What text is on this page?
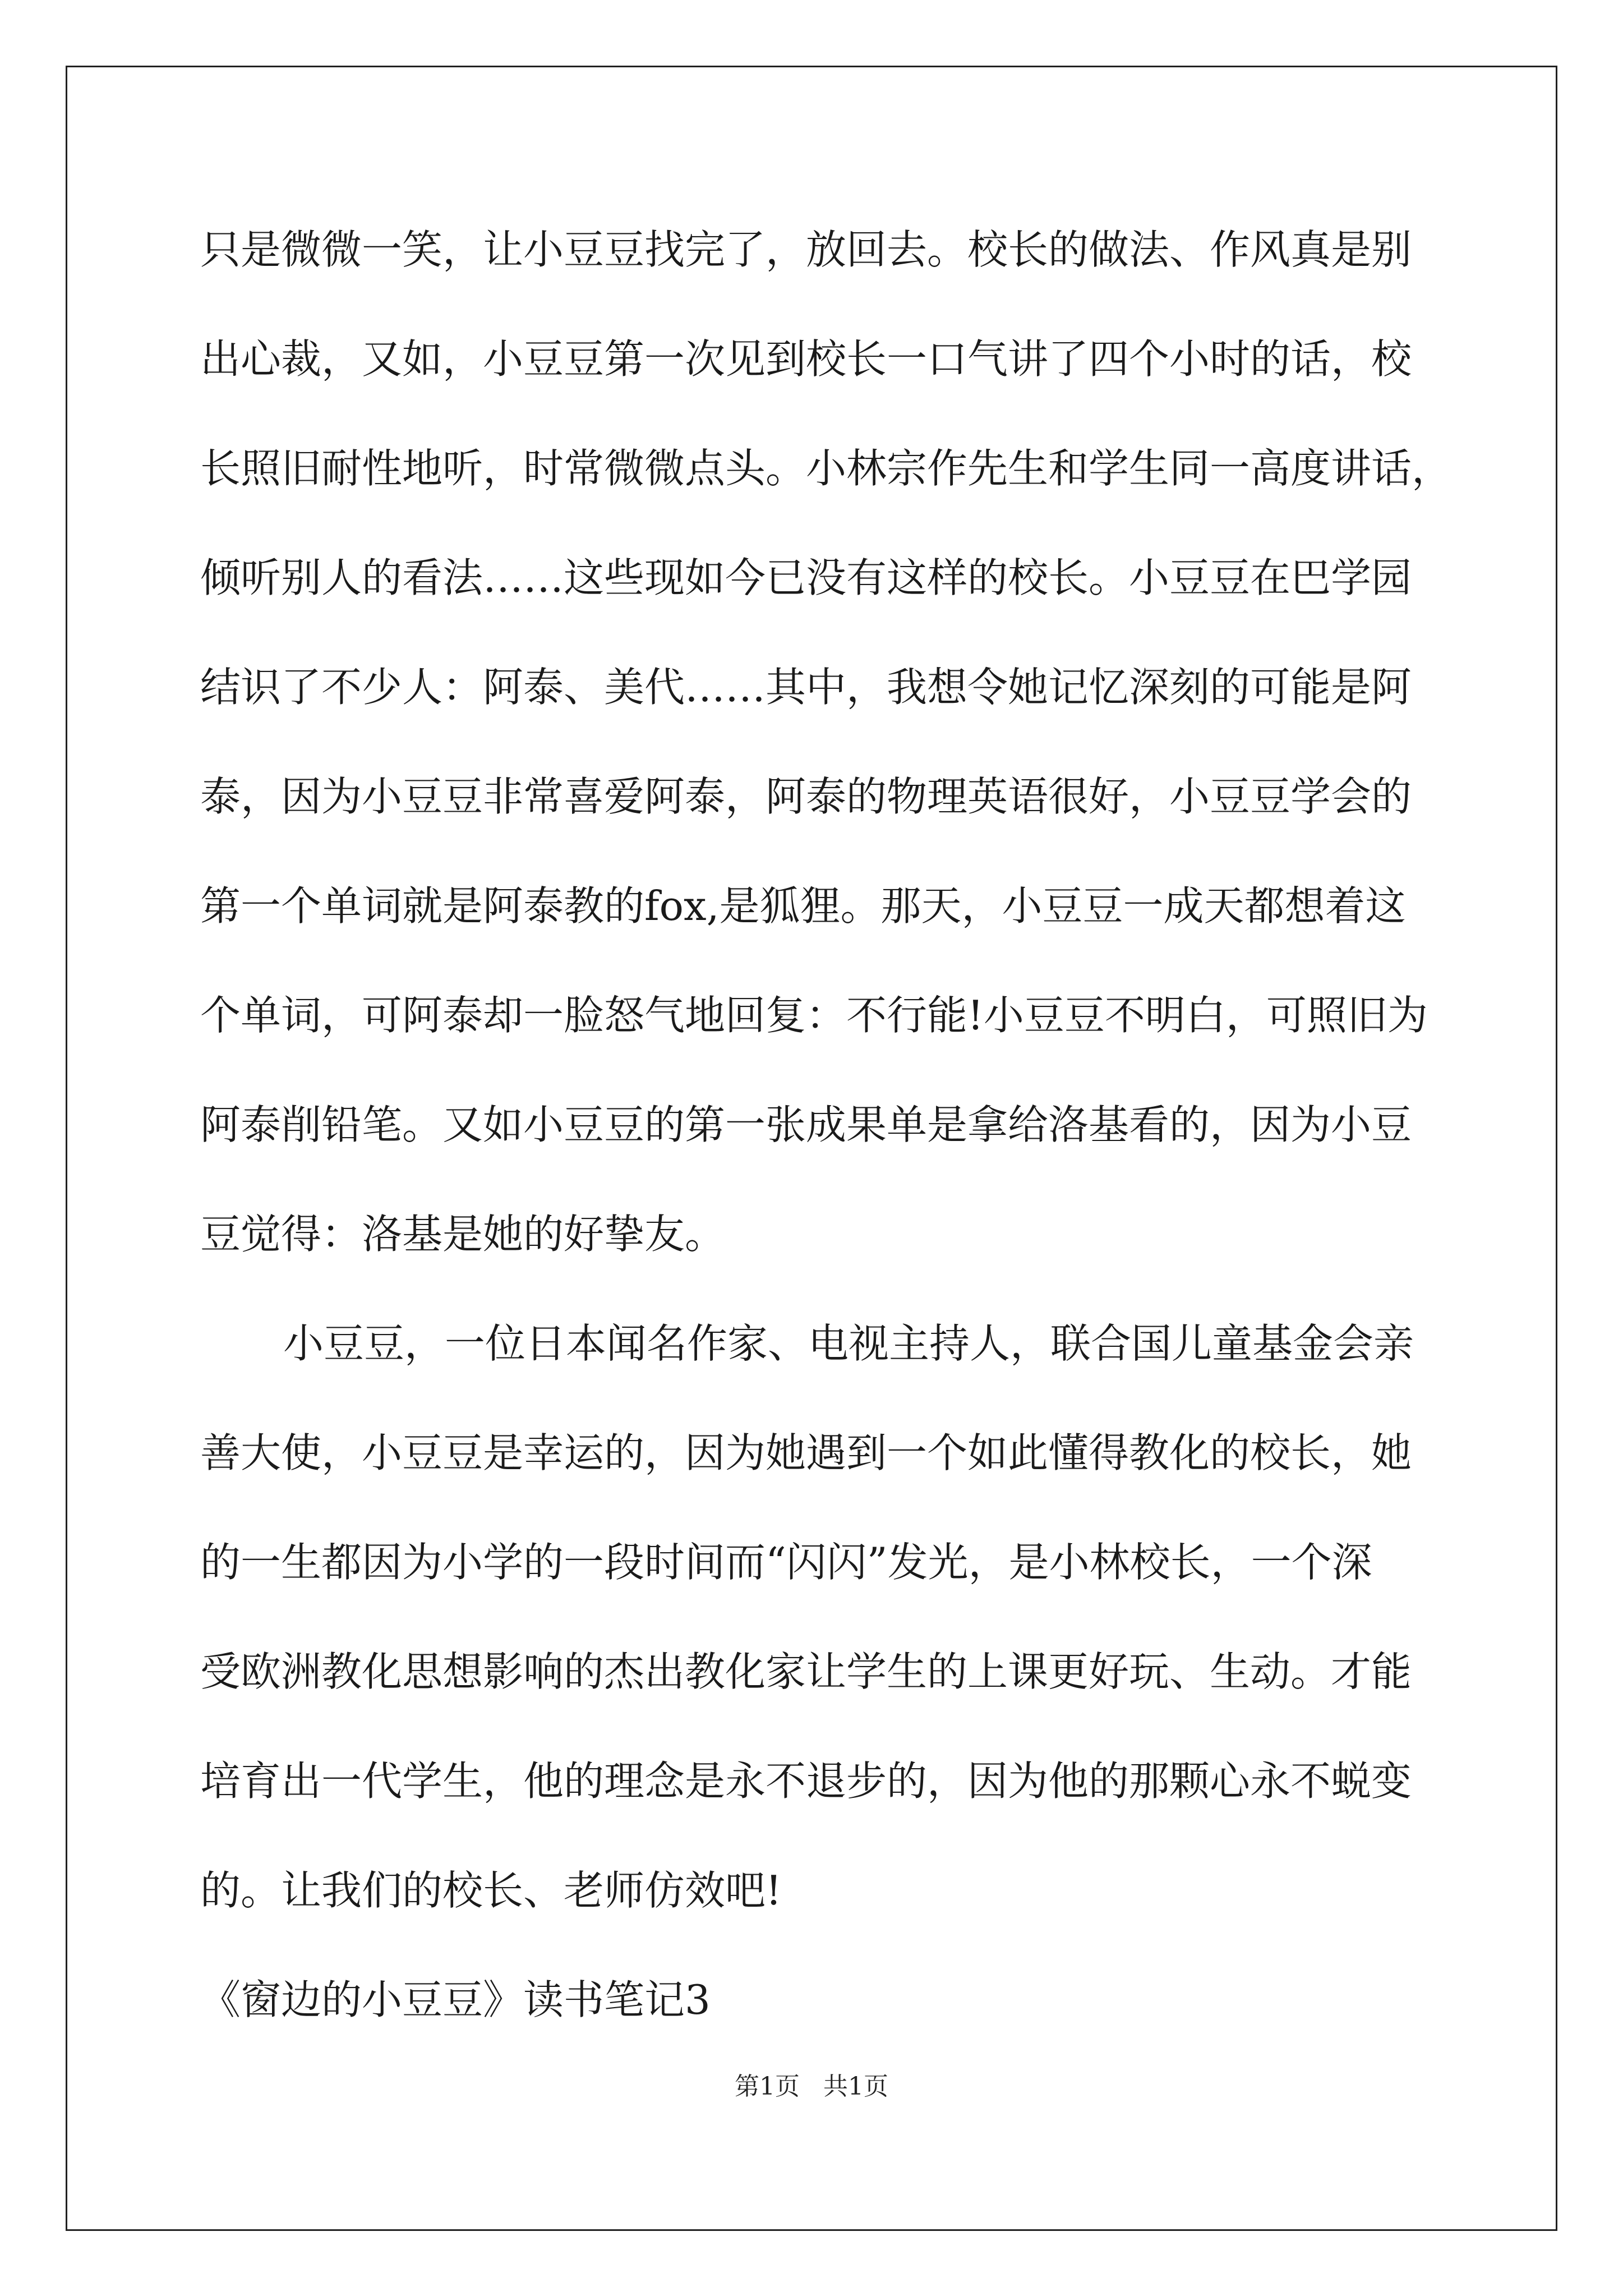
只是微微一笑，让小豆豆找完了，放回去。校长的做法、作风真是别
出心裁，又如，小豆豆第一次见到校长一口气讲了四个小时的话，校
长照旧耐性地听，时常微微点头。小林宗作先生和学生同一高度讲话，
倾听别人的看法……这些现如今已没有这样的校长。小豆豆在巴学园
结识了不少人：阿泰、美代……其中，我想令她记忆深刻的可能是阿
泰，因为小豆豆非常喜爱阿泰，阿泰的物理英语很好，小豆豆学会的
第一个单词就是阿泰教的fox,是狐狸。那天，小豆豆一成天都想着这
个单词，可阿泰却一脸怒气地回复：不行能!小豆豆不明白，可照旧为
阿泰削铅笔。又如小豆豆的第一张成果单是拿给洛基看的，因为小豆
豆觉得：洛基是她的好挚友。
小豆豆，一位日本闻名作家、电视主持人，联合国儿童基金会亲
善大使，小豆豆是幸运的，因为她遇到一个如此懂得教化的校长，她
的一生都因为小学的一段时间而“闪闪”发光，是小林校长，一个深
受欧洲教化思想影响的杰出教化家让学生的上课更好玩、生动。才能
培育出一代学生，他的理念是永不退步的，因为他的那颗心永不蜕变
的。让我们的校长、老师仿效吧!
《窗边的小豆豆》读书笔记3
第1页   共1页
